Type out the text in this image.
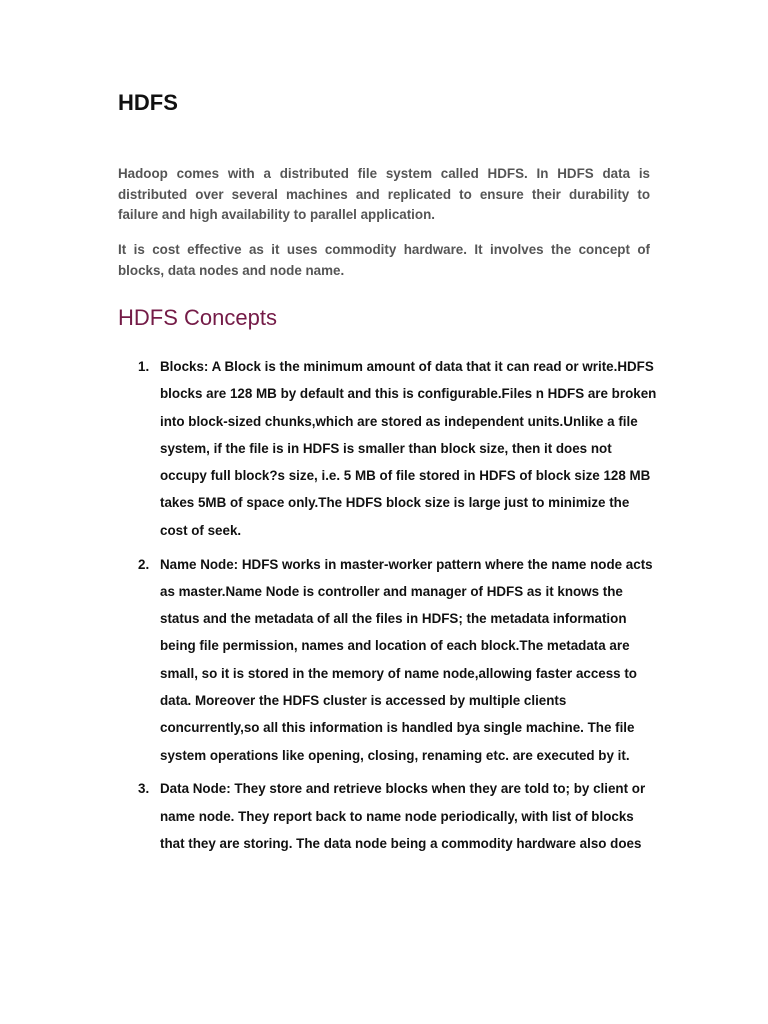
HDFS

Hadoop comes with a distributed file system called HDFS. In HDFS data is distributed over several machines and replicated to ensure their durability to failure and high availability to parallel application.

It is cost effective as it uses commodity hardware. It involves the concept of blocks, data nodes and node name.

HDFS Concepts
1. Blocks: A Block is the minimum amount of data that it can read or write.HDFS blocks are 128 MB by default and this is configurable.Files n HDFS are broken into block-sized chunks,which are stored as independent units.Unlike a file system, if the file is in HDFS is smaller than block size, then it does not occupy full block?s size, i.e. 5 MB of file stored in HDFS of block size 128 MB takes 5MB of space only.The HDFS block size is large just to minimize the cost of seek.
2. Name Node: HDFS works in master-worker pattern where the name node acts as master.Name Node is controller and manager of HDFS as it knows the status and the metadata of all the files in HDFS; the metadata information being file permission, names and location of each block.The metadata are small, so it is stored in the memory of name node,allowing faster access to data. Moreover the HDFS cluster is accessed by multiple clients concurrently,so all this information is handled bya single machine. The file system operations like opening, closing, renaming etc. are executed by it.
3. Data Node: They store and retrieve blocks when they are told to; by client or name node. They report back to name node periodically, with list of blocks that they are storing. The data node being a commodity hardware also does
